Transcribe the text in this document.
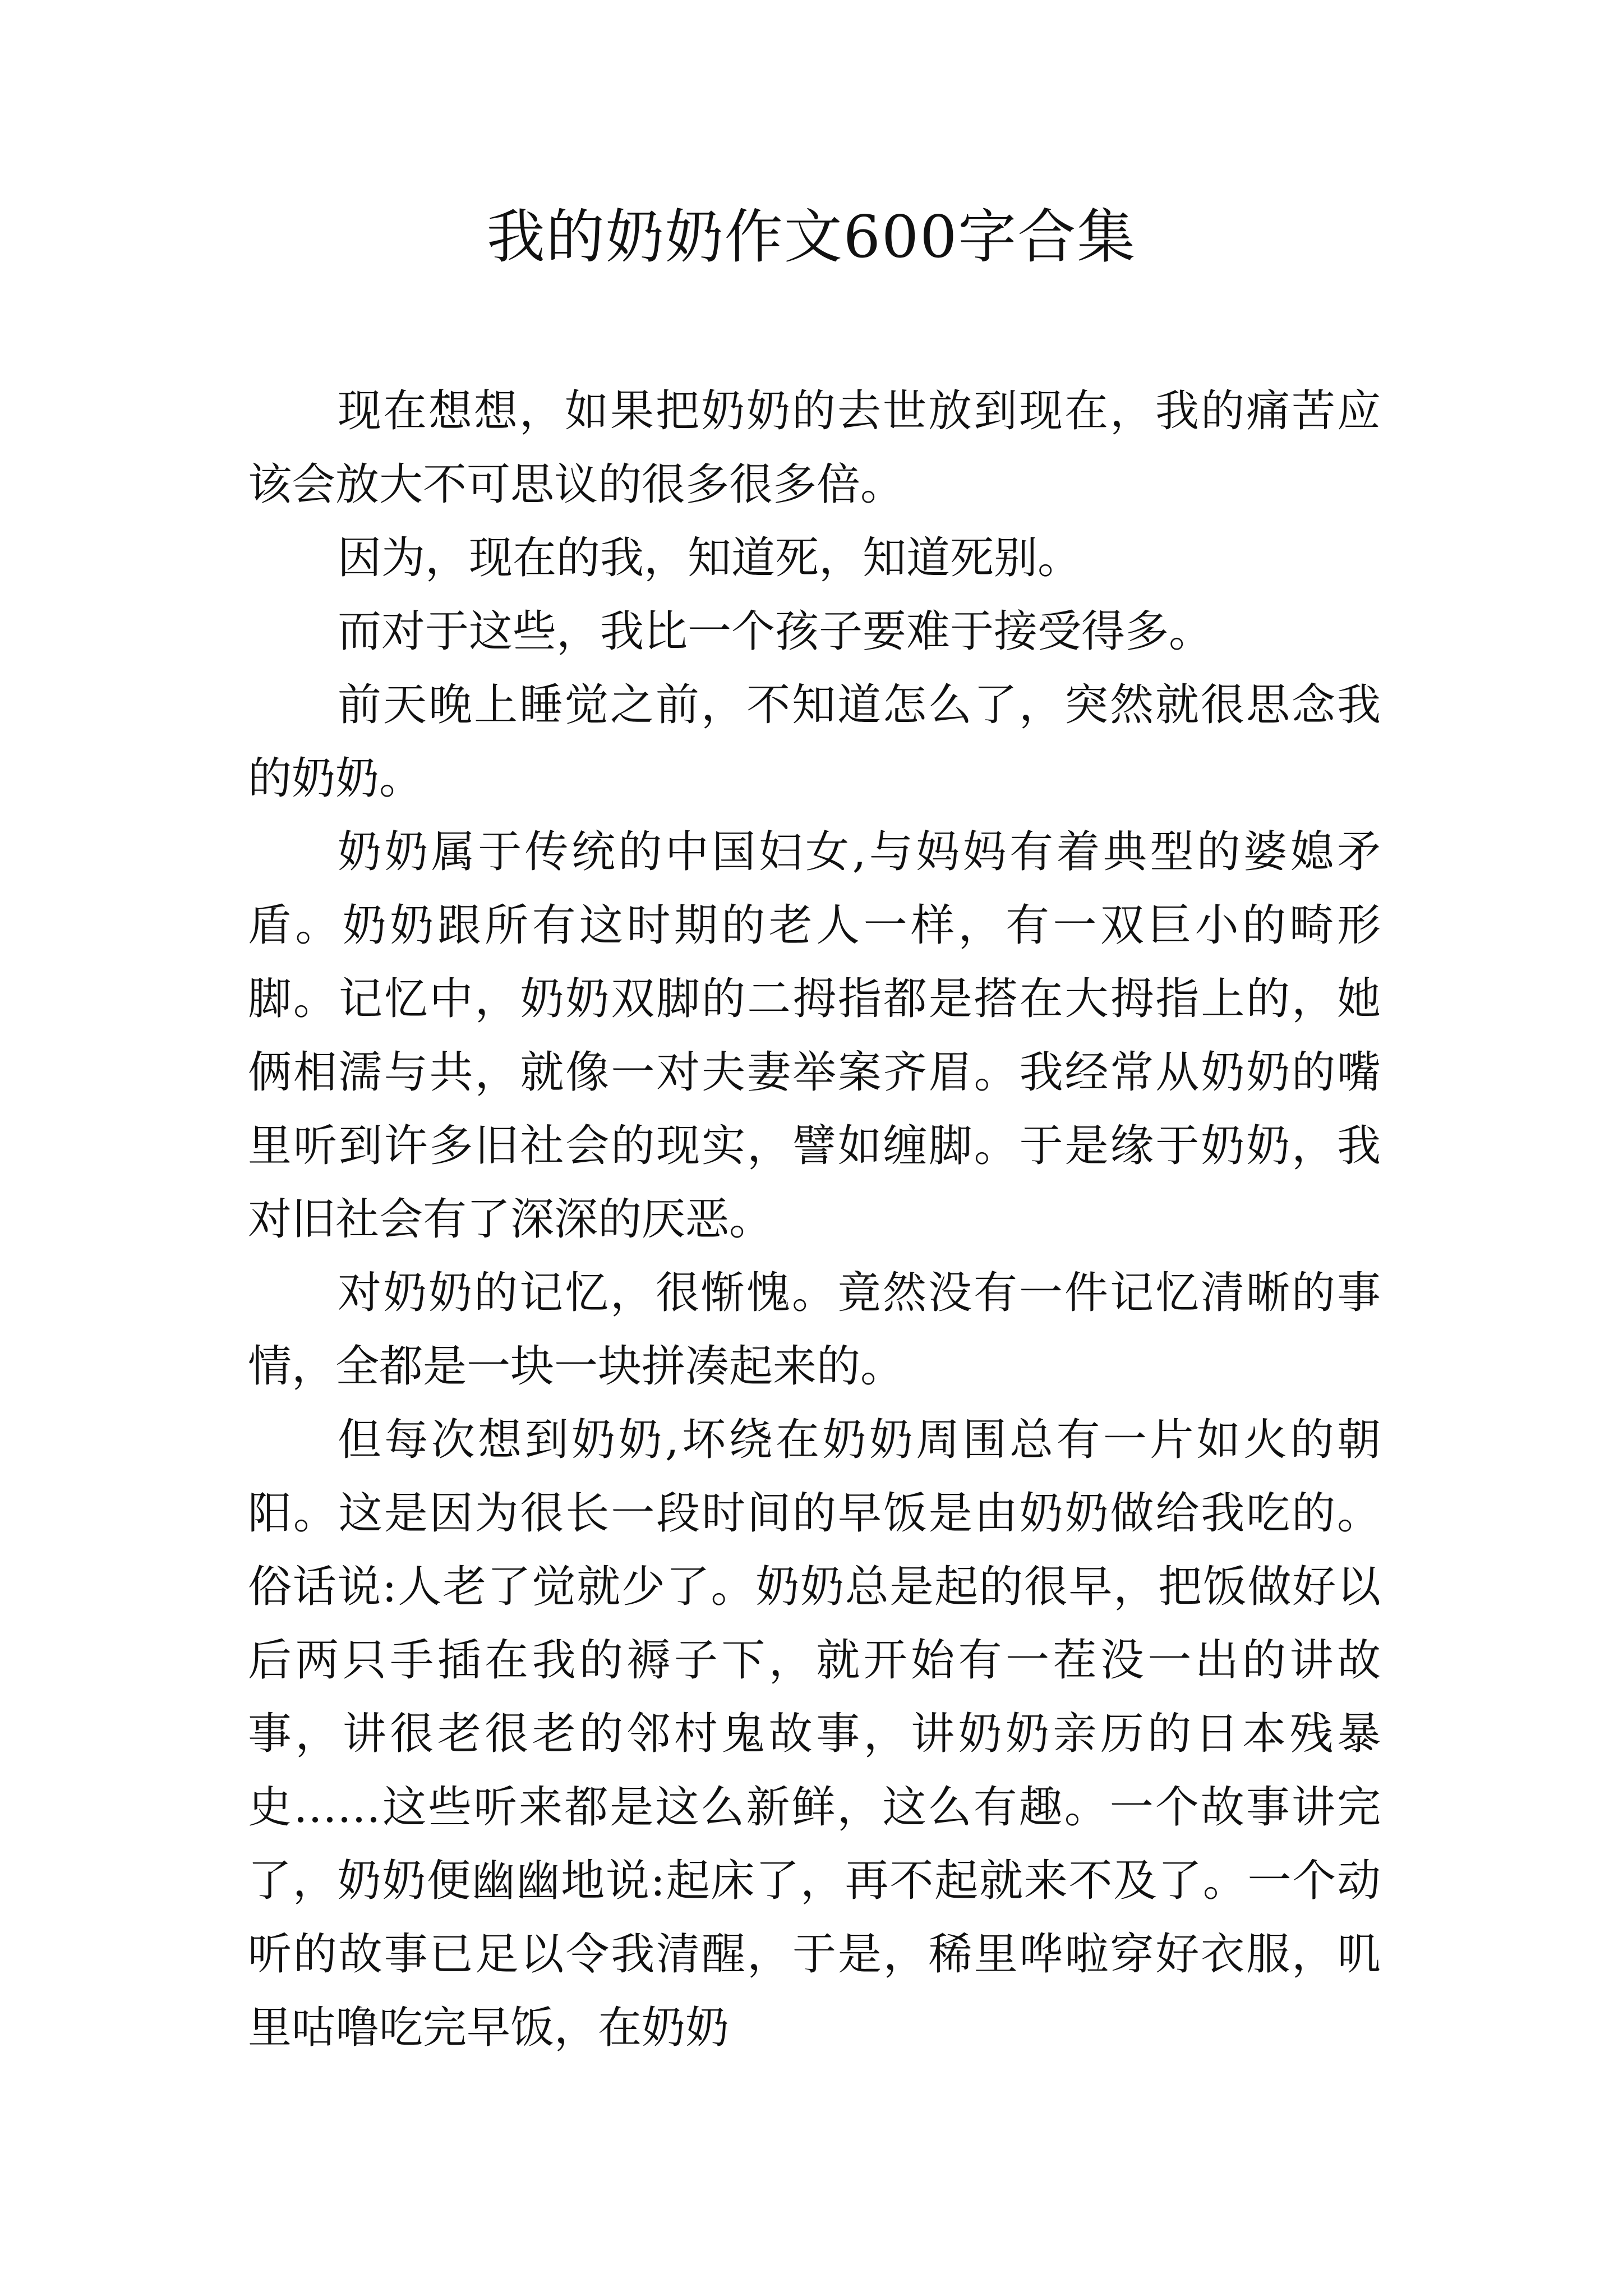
我的奶奶作文600字合集

现在想想，如果把奶奶的去世放到现在，我的痛苦应该会放大不可思议的很多很多倍。

因为，现在的我，知道死，知道死别。

而对于这些，我比一个孩子要难于接受得多。

前天晚上睡觉之前，不知道怎么了，突然就很思念我的奶奶。

奶奶属于传统的中国妇女,与妈妈有着典型的婆媳矛盾。奶奶跟所有这时期的老人一样，有一双巨小的畸形脚。记忆中，奶奶双脚的二拇指都是搭在大拇指上的，她俩相濡与共，就像一对夫妻举案齐眉。我经常从奶奶的嘴里听到许多旧社会的现实，譬如缠脚。于是缘于奶奶，我对旧社会有了深深的厌恶。

对奶奶的记忆，很惭愧。竟然没有一件记忆清晰的事情，全都是一块一块拼凑起来的。

但每次想到奶奶,坏绕在奶奶周围总有一片如火的朝阳。这是因为很长一段时间的早饭是由奶奶做给我吃的。俗话说:人老了觉就少了。奶奶总是起的很早，把饭做好以后两只手插在我的褥子下，就开始有一茬没一出的讲故事，讲很老很老的邻村鬼故事，讲奶奶亲历的日本残暴史……这些听来都是这么新鲜，这么有趣。一个故事讲完了，奶奶便幽幽地说:起床了，再不起就来不及了。一个动听的故事已足以令我清醒，于是，稀里哗啦穿好衣服，叽里咕噜吃完早饭，在奶奶
